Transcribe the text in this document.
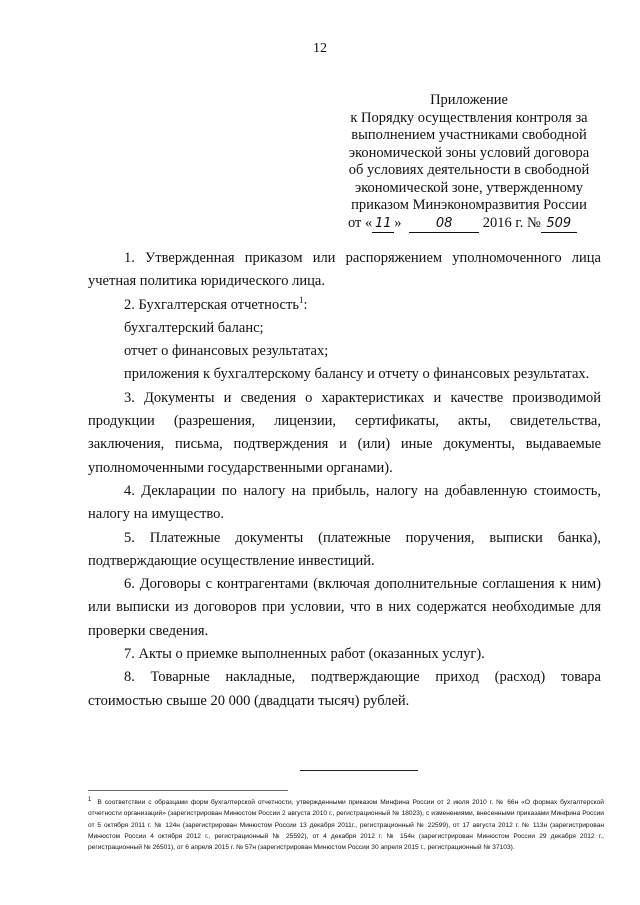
12
Приложение
к Порядку осуществления контроля за
выполнением участниками свободной
экономической зоны условий договора
об условиях деятельности в свободной
экономической зоне, утвержденному
приказом Минэкономразвития России
от « 11 »	08 2016 г. № 509

1. Утвержденная приказом или распоряжением уполномоченного лица учетная политика юридического лица.

2. Бухгалтерская отчетность$^1$:

бухгалтерский баланс;

отчет о финансовых результатах;

приложения к бухгалтерскому балансу и отчету о финансовых результатах.

3. Документы и сведения о характеристиках и качестве производимой продукции (разрешения, лицензии, сертификаты, акты, свидетельства, заключения, письма, подтверждения и (или) иные документы, выдаваемые уполномоченными государственными органами).

4. Декларации по налогу на прибыль, налогу на добавленную стоимость, налогу на имущество.

5. Платежные документы (платежные поручения, выписки банка), подтверждающие осуществление инвестиций.

6. Договоры с контрагентами (включая дополнительные соглашения к ним) или выписки из договоров при условии, что в них содержатся необходимые для проверки сведения.

7. Акты о приемке выполненных работ (оказанных услуг).

8. Товарные накладные, подтверждающие приход (расход) товара стоимостью свыше 20 000 (двадцати тысяч) рублей.

1 В соответствии с образцами форм бухгалтерской отчетности, утвержденными приказом Минфина России от 2 июля 2010 г. № 66н «О формах бухгалтерской отчетности организаций» (зарегистрирован Минюстом России 2 августа 2010 г., регистрационный № 18023), с изменениями, внесенными приказами Минфина России от 5 октября 2011 г. № 124н (зарегистрирован Минюстом России 13 декабря 2011г., регистрационный № 22599), от 17 августа 2012 г. № 113н (зарегистрирован Минюстом России 4 октября 2012 г., регистрационный № 25592), от 4 декабря 2012 г. № 154н (зарегистрирован Минюстом России 29 декабря 2012 г., регистрационный № 26501), от 6 апреля 2015 г. № 57н (зарегистрирован Минюстом России 30 апреля 2015 г., регистрационный № 37103).
